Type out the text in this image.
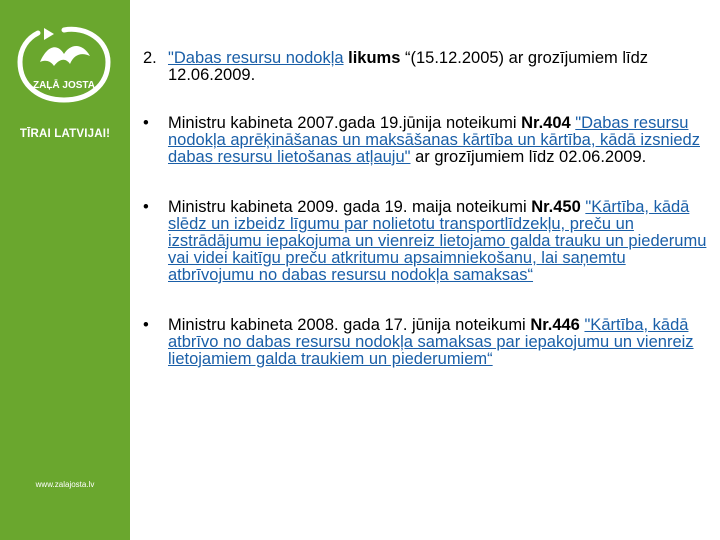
ZAĻĀ JOSTA
TĪRAI LATVIJAI!
www.zalajosta.lv
2. "Dabas resursu nodokļa likums “(15.12.2005) ar grozījumiem līdz 12.06.2009.
• Ministru kabineta 2007.gada 19.jūnija noteikumi Nr.404 "Dabas resursu nodokļa aprēķināšanas un maksāšanas kārtība un kārtība, kādā izsniedz dabas resursu lietošanas atļauju" ar grozījumiem līdz 02.06.2009.
• Ministru kabineta 2009. gada 19. maija noteikumi Nr.450 "Kārtība, kādā slēdz un izbeidz līgumu par nolietotu transportlīdzekļu, preču un izstrādājumu iepakojuma un vienreiz lietojamo galda trauku un piederumu vai videi kaitīgu preču atkritumu apsaimniekošanu, lai saņemtu atbrīvojumu no dabas resursu nodokļa samaksas“
• Ministru kabineta 2008. gada 17. jūnija noteikumi Nr.446 "Kārtība, kādā atbrīvo no dabas resursu nodokļa samaksas par iepakojumu un vienreiz lietojamiem galda traukiem un piederumiem“
